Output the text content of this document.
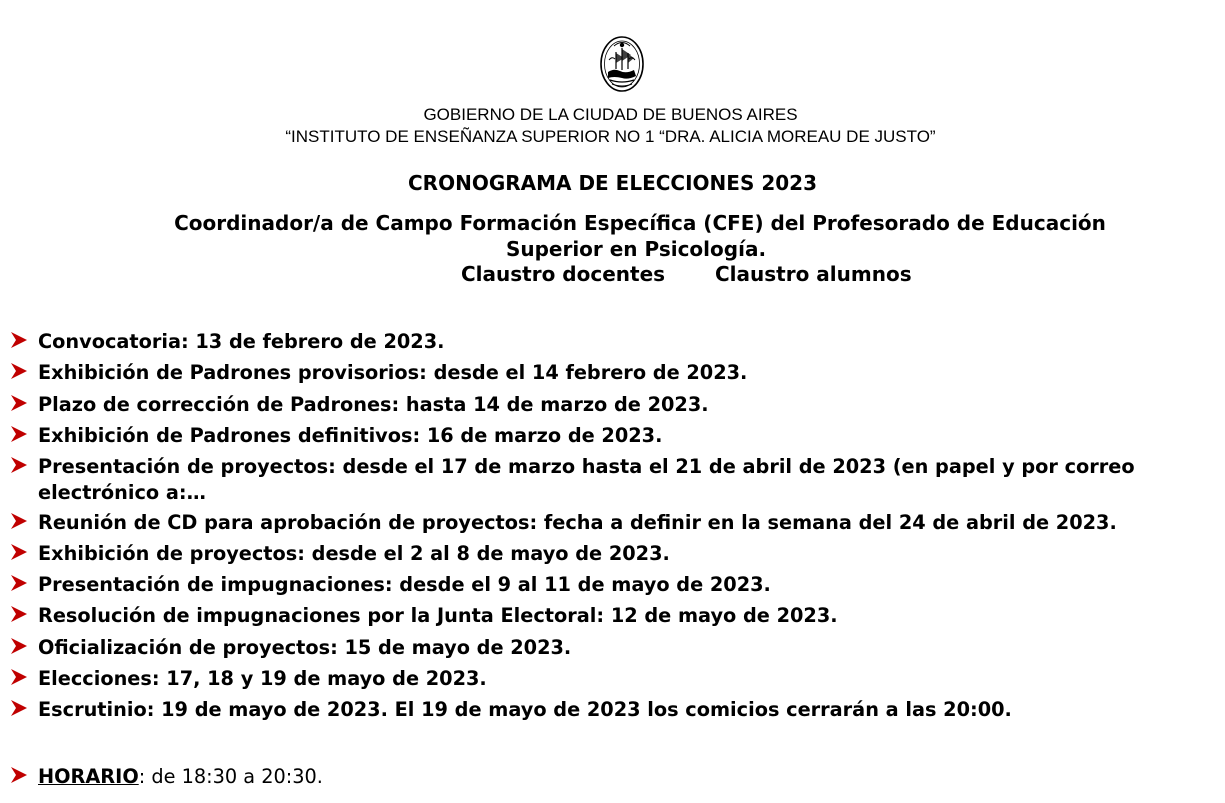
GOBIERNO DE LA CIUDAD DE BUENOS AIRES
“INSTITUTO DE ENSEÑANZA SUPERIOR NO 1 “DRA. ALICIA MOREAU DE JUSTO”
CRONOGRAMA DE ELECCIONES 2023
Coordinador/a de Campo Formación Específica (CFE) del Profesorado de Educación
Superior en Psicología.
Claustro docentes Claustro alumnos
Convocatoria: 13 de febrero de 2023.
Exhibición de Padrones provisorios: desde el 14 febrero de 2023.
Plazo de corrección de Padrones: hasta 14 de marzo de 2023.
Exhibición de Padrones definitivos: 16 de marzo de 2023.
Presentación de proyectos: desde el 17 de marzo hasta el 21 de abril de 2023 (en papel y por correo
electrónico a:…
Reunión de CD para aprobación de proyectos: fecha a definir en la semana del 24 de abril de 2023.
Exhibición de proyectos: desde el 2 al 8 de mayo de 2023.
Presentación de impugnaciones: desde el 9 al 11 de mayo de 2023.
Resolución de impugnaciones por la Junta Electoral: 12 de mayo de 2023.
Oficialización de proyectos: 15 de mayo de 2023.
Elecciones: 17, 18 y 19 de mayo de 2023.
Escrutinio: 19 de mayo de 2023. El 19 de mayo de 2023 los comicios cerrarán a las 20:00.
HORARIO: de 18:30 a 20:30.
